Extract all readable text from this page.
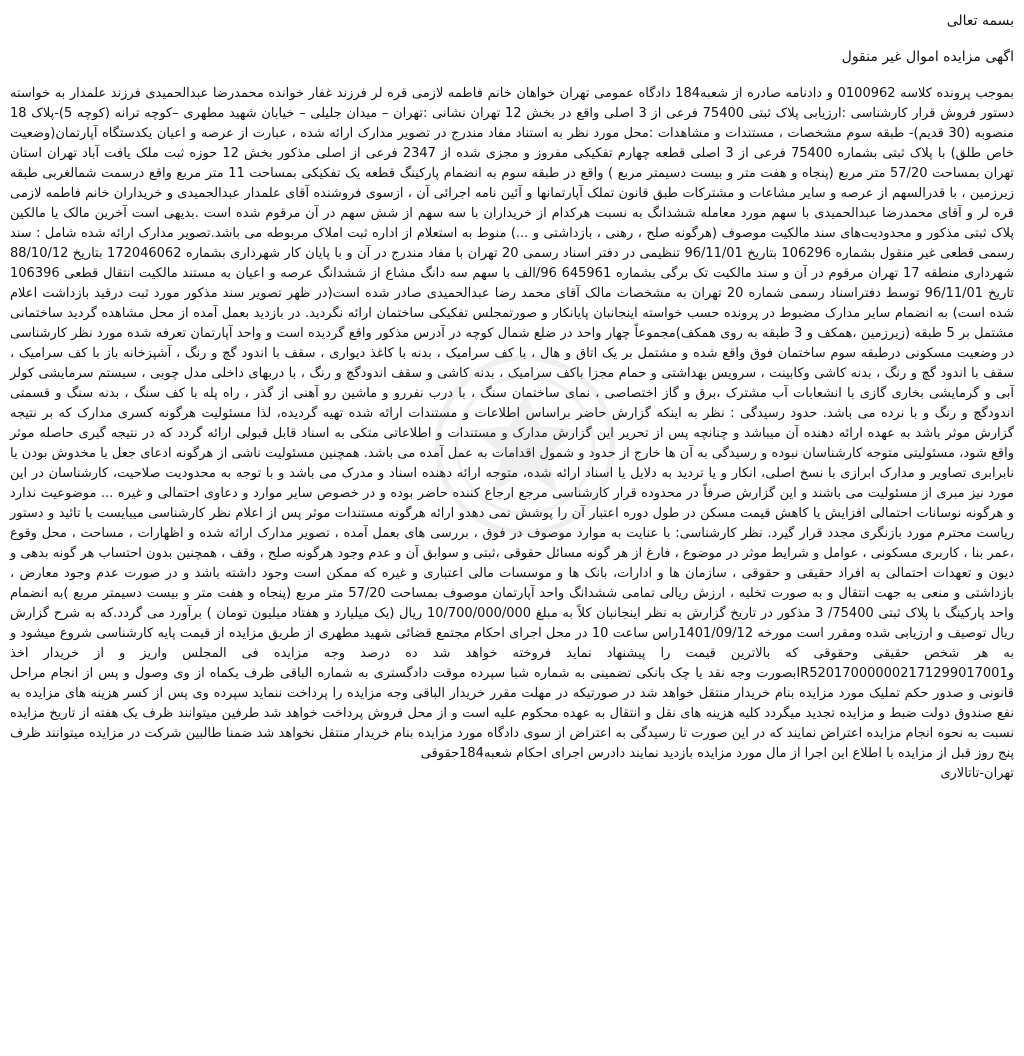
بسمه تعالی
اگهی مزایده اموال غیر منقول

بموجب پرونده کلاسه 0100962 و دادنامه صادره از شعبه184 دادگاه عمومی تهران خواهان خانم فاطمه لازمی قره لر فرزند غفار خوانده محمدرضا عبدالحمیدی فرزند علمدار به خواسته دستور فروش قرار کارشناسی :ارزیابی پلاک ثبتی 75400 فرعی از 3 اصلی واقع در بخش 12 تهران نشانی :تهران – میدان جلیلی – خیابان شهید مطهری –کوچه ترانه (کوچه 5)-پلاک 18 منصوبه (30 قدیم)- طبقه سوم مشخصات ، مستندات و مشاهدات :محل مورد نظر به استناد مفاد مندرج در تصویر مدارک ارائه شده ، عبارت از عرصه و اعیان یکدستگاه آپارتمان(وضعیت خاص طلق) با پلاک ثبتی بشماره 75400 فرعی از 3 اصلی قطعه چهارم تفکیکی مفروز و مجزی شده از 2347 فرعی از اصلی مذکور بخش 12 حوزه ثبت ملک یافت آباد تهران استان تهران بمساحت 57/20 متر مربع (پنجاه و هفت متر و بیست دسیمتر مربع ) واقع در طبقه سوم به انضمام پارکینگ قطعه یک تفکیکی بمساحت 11 متر مربع واقع درسمت شمالغربی طبقه زیرزمین ، با قدرالسهم از عرصه و سایر مشاعات و مشترکات طبق قانون تملک آپارتمانها و آئین نامه اجرائی آن ، ازسوی فروشنده آقای علمدار عبدالحمیدی و خریداران خانم فاطمه لازمی قره لر و آقای محمدرضا عبدالحمیدی با سهم مورد معامله ششدانگ به نسبت هرکدام از خریداران با سه سهم از شش سهم در آن مرقوم شده است .بدیهی است آخرین مالک یا مالکین پلاک ثبتی مذکور و محدودیت‌های سند مالکیت موصوف (هرگونه صلح ، رهنی ، بازداشتی و ...) منوط به استعلام از اداره ثبت املاک مربوطه می باشد.تصویر مدارک ارائه شده شامل : سند رسمی قطعی غیر منقول بشماره 106296 بتاریخ 96/11/01 تنظیمی در دفتر اسناد رسمی 20 تهران با مفاد مندرج در آن و با پایان کار شهرداری بشماره 172046062 بتاریخ 88/10/12 شهرداری منطقه 17 تهران مرقوم در آن و سند مالکیت تک برگی بشماره 645961 96/الف با سهم سه دانگ مشاع از ششدانگ عرصه و اعیان به مستند مالکیت انتقال قطعی 106396 تاریخ 96/11/01 توسط دفتراسناد رسمی شماره 20 تهران به مشخصات مالک آقای محمد رضا عبدالحمیدی صادر شده است(در ظهر تصویر سند مذکور مورد ثبت درقید بازداشت اعلام شده است) به انضمام سایر مدارک مضبوط در پرونده حسب خواسته اینجانبان پایانکار و صورتمجلس تفکیکی ساختمان ارائه نگردید. در بازدید بعمل آمده از محل مشاهده گردید ساختمانی مشتمل بر 5 طبقه (زیرزمین ،همکف و 3 طبقه به روی همکف)مجموعاً چهار واحد در ضلع شمال کوچه در آدرس مذکور واقع گردیده است و واحد آپارتمان تعرفه شده مورد نظر کارشناسی در وضعیت مسکونی درطبقه سوم ساختمان فوق واقع شده و مشتمل بر یک اتاق و هال ، با کف سرامیک ، بدنه با کاغذ دیواری ، سقف با اندود گچ و رنگ ، آشپزخانه باز با کف سرامیک ، سقف با اندود گچ و رنگ ، بدنه کاشی وکابینت ، سرویس بهداشتی و حمام مجزا باکف سرامیک ، بدنه کاشی و سقف اندودگچ و رنگ ، با دربهای داخلی مدل چوبی ، سیستم سرمایشی کولر آبی و گرمایشی بخاری گازی با انشعابات آب مشترک ،برق و گاز اختصاصی ، نمای ساختمان سنگ ، با درب نفررو و ماشین رو آهنی از گذر ، راه پله با کف سنگ ، بدنه سنگ و قسمتی اندودگچ و رنگ و با نرده می باشد. حدود رسیدگی : نظر به اینکه گزارش حاضر براساس اطلاعات و مستندات ارائه شده تهیه گردیده، لذا مسئولیت هرگونه کسری مدارک که بر نتیجه گزارش موثر باشد به عهده ارائه دهنده آن میباشد و چنانچه پس از تحریر این گزارش مدارک و مستندات و اطلاعاتی متکی به اسناد قابل قبولی ارائه گردد که در نتیجه گیری حاصله موثر واقع شود، مسئولیتی متوجه کارشناسان نبوده و رسیدگی به آن ها خارج از حدود و شمول اقدامات به عمل آمده می باشد. همچنین مسئولیت ناشی از هرگونه ادعای جعل یا مخدوش بودن یا نابرابری تصاویر و مدارک ابرازی با نسخ اصلی، انکار و یا تردید به دلایل یا اسناد ارائه شده، متوجه ارائه دهنده اسناد و مدرک می باشد و با توجه به محدودیت صلاحیت، کارشناسان در این مورد نیز مبری از مسئولیت می باشند و این گزارش صرفاً در محدوده قرار کارشناسی مرجع ارجاع کننده حاضر بوده و در خصوص سایر موارد و دعاوی احتمالی و غیره ... موضوعیت ندارد و هرگونه نوسانات احتمالی افزایش یا کاهش قیمت مسکن در طول دوره اعتبار آن را پوشش نمی دهدو ارائه هرگونه مستندات موثر پس از اعلام نظر کارشناسی میبایست با تائید و دستور ریاست محترم مورد بازنگری مجدد قرار گیرد. نظر کارشناسی: با عنایت به موارد موصوف در فوق ، بررسی های بعمل آمده ، تصویر مدارک ارائه شده و اظهارات ، مساحت ، محل وقوع ،عمر بنا ، کاربری مسکونی ، عوامل و شرایط موثر در موضوع ، فارغ از هر گونه مسائل حقوقی ،ثبتی و سوابق آن و عدم وجود هرگونه صلح ، وقف ، همچنین بدون احتساب هر گونه بدهی و دیون و تعهدات احتمالی به افراد حقیقی و حقوقی ، سازمان ها و ادارات، بانک ها و موسسات مالی اعتباری و غیره که ممکن است وجود داشته باشد و در صورت عدم وجود معارض ، بازداشتی و منعی به جهت انتقال و به صورت تخلیه ، ارزش ریالی تمامی ششدانگ واحد آپارتمان موصوف بمساحت 57/20 متر مربع (پنجاه و هفت متر و بیست دسیمتر مربع )به انضمام واحد پارکینگ با پلاک ثبتی 75400/ 3 مذکور در تاریخ گزارش به نظر اینجانبان کلاً به مبلغ 10/700/000/000 ریال (یک میلیارد و هفتاد میلیون تومان ) برآورد می گردد.که به شرح گزارش ریال توصیف و ارزیابی شده ومقرر است مورخه 1401/09/12راس ساعت 10 در محل اجرای احکام مجتمع قضائی شهید مطهری از طریق مزایده از قیمت پایه کارشناسی شروع میشود و به هر شخص حقیقی وحقوقی که بالاترین قیمت را پیشنهاد نماید فروخته خواهد شد ده درصد وجه مزایده فی المجلس واریز و از خریدار اخذ وIR520170000002171299017001بصورت وجه نقد یا چک بانکی تضمینی به شماره شبا سپرده موقت دادگستری به شماره الباقی ظرف یکماه از وی وصول و پس از انجام مراحل قانونی و صدور حکم تملیک مورد مزایده بنام خریدار منتقل خواهد شد در صورتیکه در مهلت مقرر خریدار الباقی وجه مزایده را پرداخت ننماید سپرده وی پس از کسر هزینه های مزایده به نفع صندوق دولت ضبط و مزایده تجدید میگردد کلیه هزینه های نقل و انتقال به عهده محکوم علیه است و از محل فروش پرداخت خواهد شد طرفین میتوانند ظرف یک هفته از تاریخ مزایده نسبت به نحوه انجام مزایده اعتراض نمایند که در این صورت تا رسیدگی به اعتراض از سوی دادگاه مورد مزایده بنام خریدار منتقل نخواهد شد ضمنا طالبین شرکت در مزایده میتوانند ظرف پنج روز قبل از مزایده با اطلاع این اجرا از مال مورد مزایده بازدید نمایند دادرس اجرای احکام شعبه184حقوقی

تهران-تاتالاری
